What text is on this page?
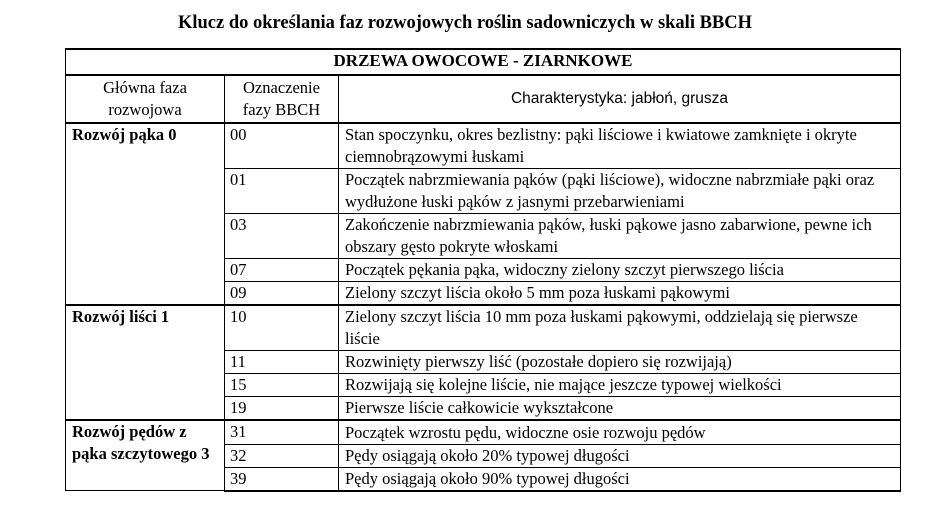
Klucz do określania faz rozwojowych roślin sadowniczych w skali BBCH
DRZEWA OWOCOWE - ZIARNKOWE		
Główna faza rozwojowa	Oznaczenie fazy BBCH	Charakterystyka: jabłoń, grusza
Rozwój pąka 0	00	Stan spoczynku, okres bezlistny: pąki liściowe i kwiatowe zamknięte i okryte ciemnobrązowymi łuskami
	01	Początek nabrzmiewania pąków (pąki liściowe), widoczne nabrzmiałe pąki oraz wydłużone łuski pąków z jasnymi przebarwieniami
	03	Zakończenie nabrzmiewania pąków, łuski pąkowe jasno zabarwione, pewne ich obszary gęsto pokryte włoskami
	07	Początek pękania pąka, widoczny zielony szczyt pierwszego liścia
	09	Zielony szczyt liścia około 5 mm poza łuskami pąkowymi
Rozwój liści 1	10	Zielony szczyt liścia 10 mm poza łuskami pąkowymi, oddzielają się pierwsze liście
	11	Rozwinięty pierwszy liść (pozostałe dopiero się rozwijają)
	15	Rozwijają się kolejne liście, nie mające jeszcze typowej wielkości
	19	Pierwsze liście całkowicie wykształcone
Rozwój pędów z pąka szczytowego 3	31	Początek wzrostu pędu, widoczne osie rozwoju pędów
	32	Pędy osiągają około 20% typowej długości
	39	Pędy osiągają około 90% typowej długości
